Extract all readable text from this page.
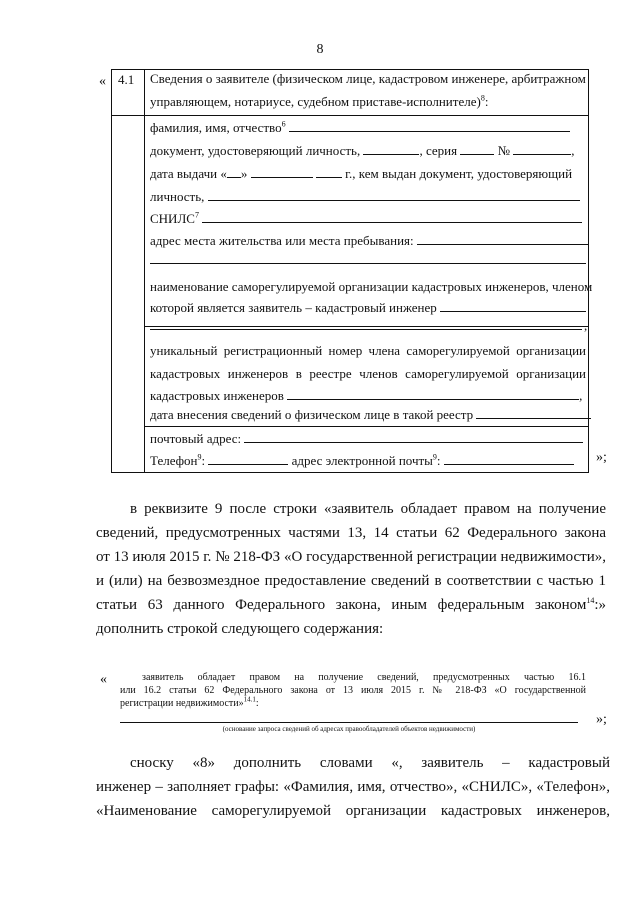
8
«
»;
4.1 Сведения о заявителе (физическом лице, кадастровом инженере, арбитражном
управляющем, нотариусе, судебном приставе-исполнителе)$^8$:
фамилия, имя, отчество$^6$
документ, удостоверяющий личность,	, серия	№	,
дата выдачи « »	г., кем выдан документ, удостоверяющий
личность,
СНИЛС$^7$
адрес места жительства или места пребывания:
наименование саморегулируемой организации кадастровых инженеров, членом
которой является заявитель – кадастровый инженер
,
уникальный регистрационный номер члена саморегулируемой организации
кадастровых инженеров в реестре членов саморегулируемой организации
кадастровых инженеров	,
дата внесения сведений о физическом лице в такой реестр
почтовый адрес:
Телефон$^9$:	адрес электронной почты$^9$:
в реквизите 9 после строки «заявитель обладает правом на получение
сведений, предусмотренных частями 13, 14 статьи 62 Федерального закона
от 13 июля 2015 г. № 218-ФЗ «О государственной регистрации недвижимости»,
и (или) на безвозмездное предоставление сведений в соответствии с частью 1
статьи 63 данного Федерального закона, иным федеральным законом$^{14}$:»
дополнить строкой следующего содержания:
«	заявитель обладает правом на получение сведений, предусмотренных частью 16.1
или 16.2 статьи 62 Федерального закона от 13 июля 2015 г. № 218-ФЗ «О государственной
регистрации недвижимости»$^{14.1}$:
»;
(основание запроса сведений об адресах правообладателей объектов недвижимости)
сноску «8» дополнить словами «, заявитель – кадастровый
инженер – заполняет графы: «Фамилия, имя, отчество», «СНИЛС», «Телефон»,
«Наименование саморегулируемой организации кадастровых инженеров,
